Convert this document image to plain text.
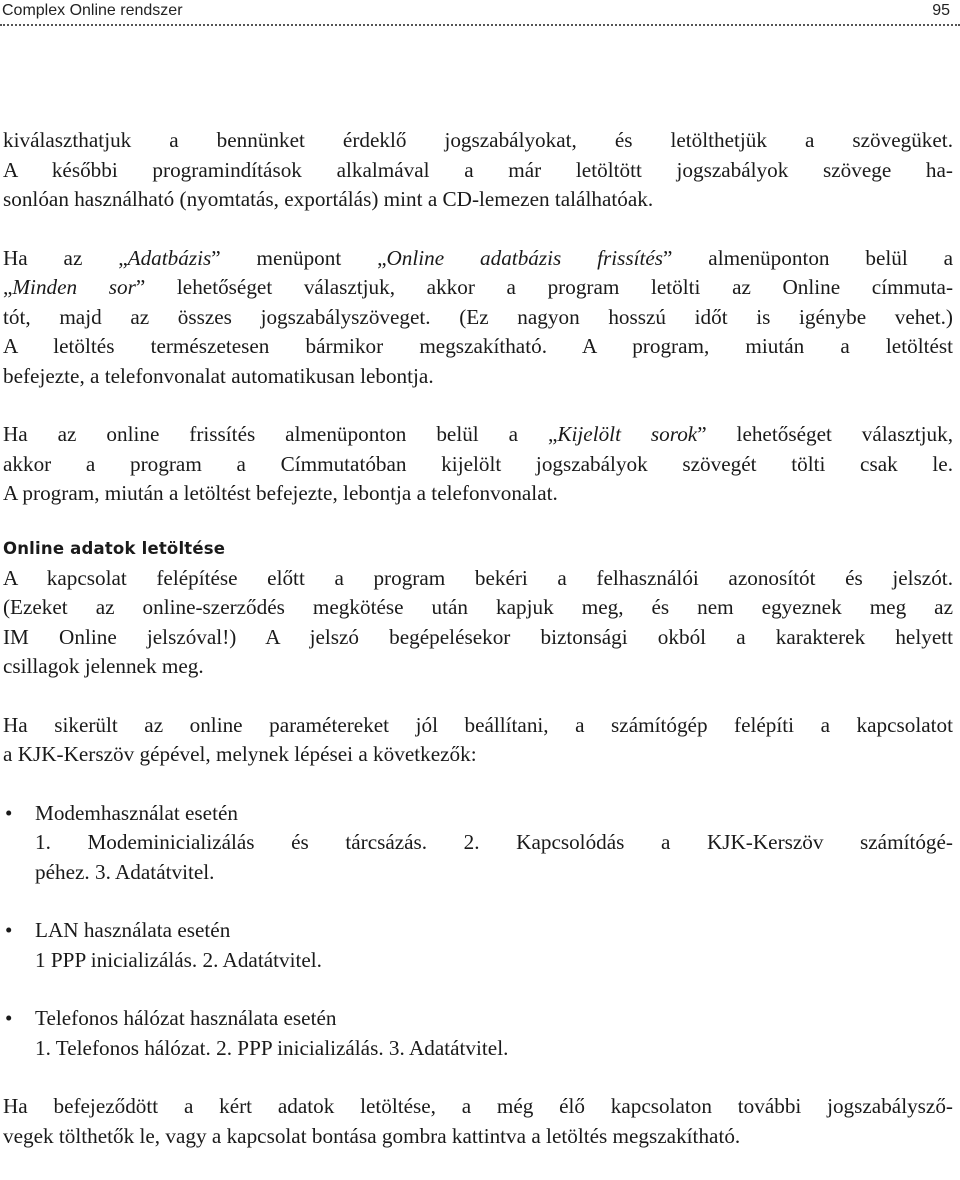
Complex Online rendszer	95
kiválaszthatjuk a bennünket érdeklő jogszabályokat, és letölthetjük a szövegüket.
A későbbi programindítások alkalmával a már letöltött jogszabályok szövege ha-
sonlóan használható (nyomtatás, exportálás) mint a CD-lemezen találhatóak.
Ha az „Adatbázis” menüpont „Online adatbázis frissítés” almenüponton belül a
„Minden sor” lehetőséget választjuk, akkor a program letölti az Online címmuta-
tót, majd az összes jogszabályszöveget. (Ez nagyon hosszú időt is igénybe vehet.)
A letöltés természetesen bármikor megszakítható. A program, miután a letöltést
befejezte, a telefonvonalat automatikusan lebontja.
Ha az online frissítés almenüponton belül a „Kijelölt sorok” lehetőséget választjuk,
akkor a program a Címmutatóban kijelölt jogszabályok szövegét tölti csak le.
A program, miután a letöltést befejezte, lebontja a telefonvonalat.
Online adatok letöltése
A kapcsolat felépítése előtt a program bekéri a felhasználói azonosítót és jelszót.
(Ezeket az online-szerződés megkötése után kapjuk meg, és nem egyeznek meg az
IM Online jelszóval!) A jelszó begépelésekor biztonsági okból a karakterek helyett
csillagok jelennek meg.
Ha sikerült az online paramétereket jól beállítani, a számítógép felépíti a kapcsolatot
a KJK-Kerszöv gépével, melynek lépései a következők:
• Modemhasználat esetén
1. Modeminicializálás és tárcsázás. 2. Kapcsolódás a KJK-Kerszöv számítógé-
péhez. 3. Adatátvitel.
• LAN használata esetén
1 PPP inicializálás. 2. Adatátvitel.
• Telefonos hálózat használata esetén
1. Telefonos hálózat. 2. PPP inicializálás. 3. Adatátvitel.
Ha befejeződött a kért adatok letöltése, a még élő kapcsolaton további jogszabálysző-
vegek tölthetők le, vagy a kapcsolat bontása gombra kattintva a letöltés megszakítható.
